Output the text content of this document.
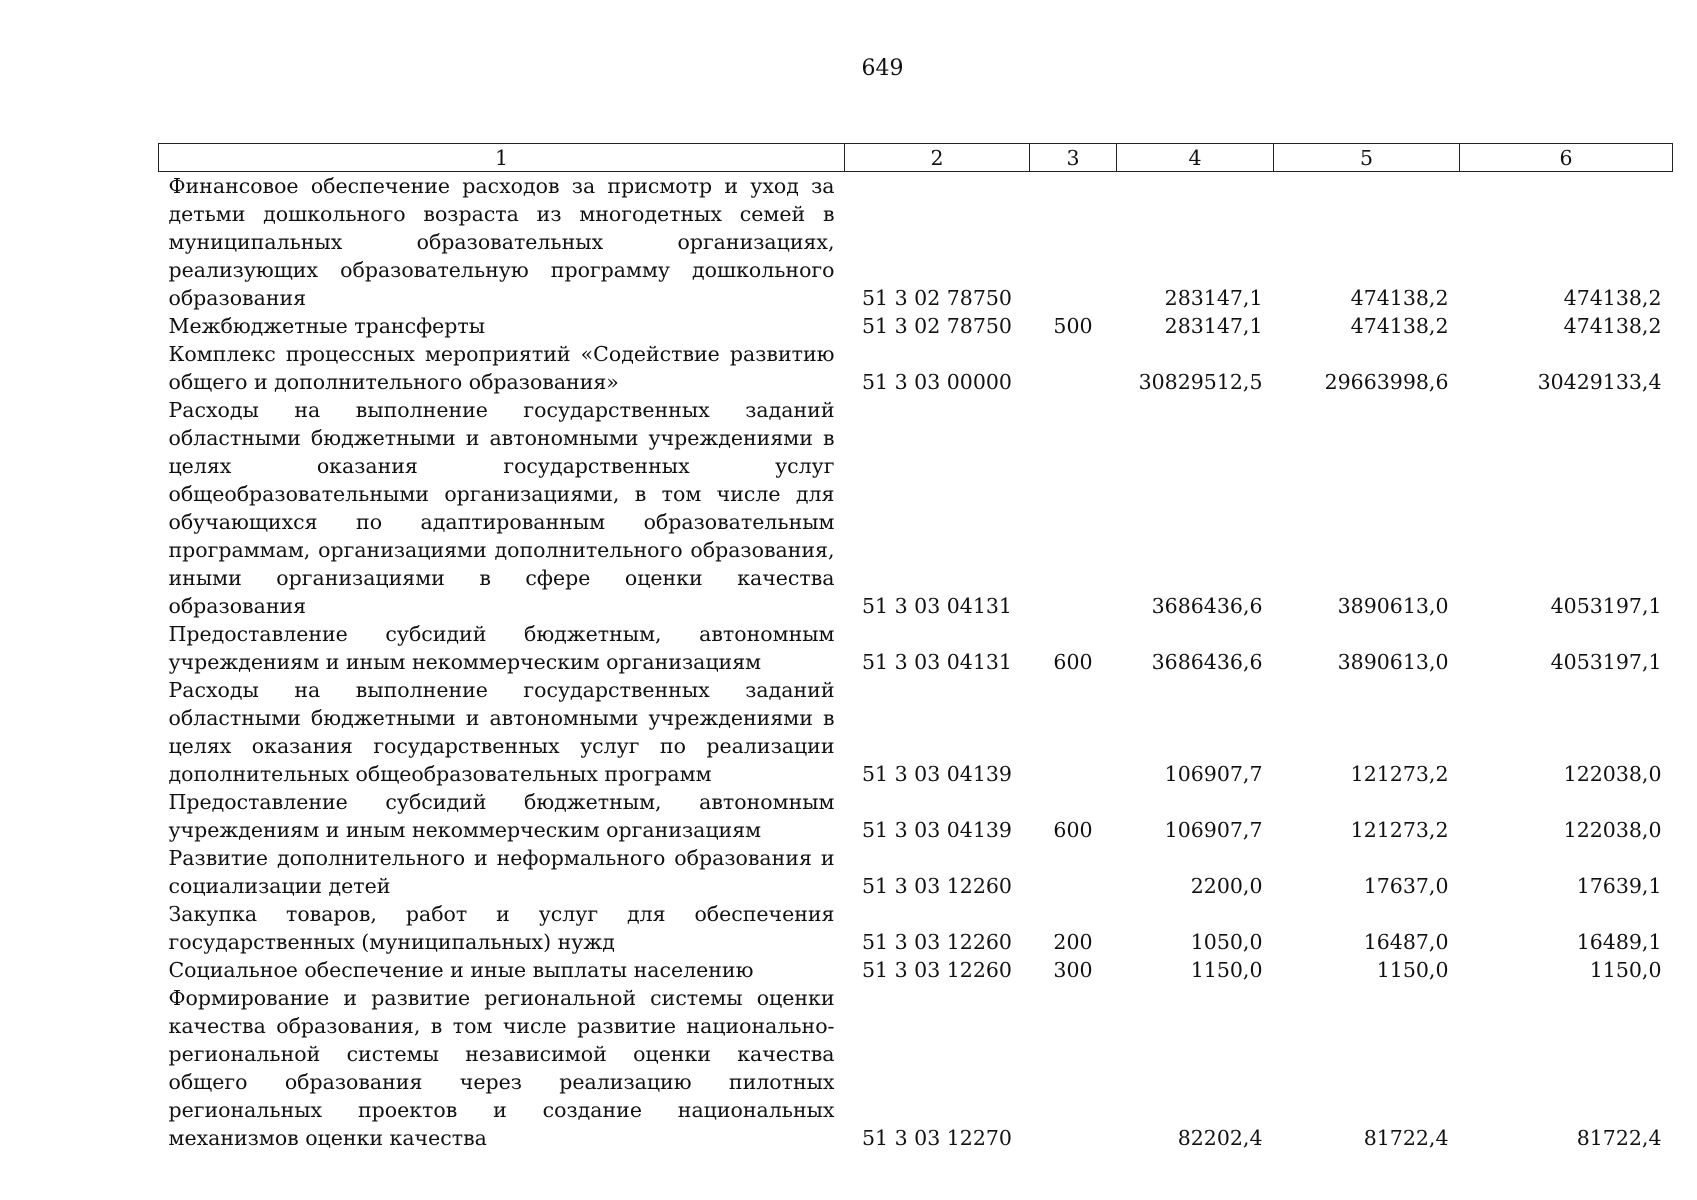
649
1	2	3	4	5	6
Финансовое обеспечение расходов за присмотр и уход за детьми дошкольного возраста из многодетных семей в муниципальных образовательных организациях, реализующих образовательную программу дошкольного образования	51 3 02 78750		283147,1	474138,2	474138,2
Межбюджетные трансферты	51 3 02 78750	500	283147,1	474138,2	474138,2
Комплекс процессных мероприятий «Содействие развитию общего и дополнительного образования»	51 3 03 00000		30829512,5	29663998,6	30429133,4
Расходы на выполнение государственных заданий областными бюджетными и автономными учреждениями в целях оказания государственных услуг общеобразовательными организациями, в том числе для обучающихся по адаптированным образовательным программам, организациями дополнительного образования, иными организациями в сфере оценки качества образования	51 3 03 04131		3686436,6	3890613,0	4053197,1
Предоставление субсидий бюджетным, автономным учреждениям и иным некоммерческим организациям	51 3 03 04131	600	3686436,6	3890613,0	4053197,1
Расходы на выполнение государственных заданий областными бюджетными и автономными учреждениями в целях оказания государственных услуг по реализации дополнительных общеобразовательных программ	51 3 03 04139		106907,7	121273,2	122038,0
Предоставление субсидий бюджетным, автономным учреждениям и иным некоммерческим организациям	51 3 03 04139	600	106907,7	121273,2	122038,0
Развитие дополнительного и неформального образования и социализации детей	51 3 03 12260		2200,0	17637,0	17639,1
Закупка товаров, работ и услуг для обеспечения государственных (муниципальных) нужд	51 3 03 12260	200	1050,0	16487,0	16489,1
Социальное обеспечение и иные выплаты населению	51 3 03 12260	300	1150,0	1150,0	1150,0
Формирование и развитие региональной системы оценки качества образования, в том числе развитие национально-региональной системы независимой оценки качества общего образования через реализацию пилотных региональных проектов и создание национальных механизмов оценки качества	51 3 03 12270		82202,4	81722,4	81722,4
